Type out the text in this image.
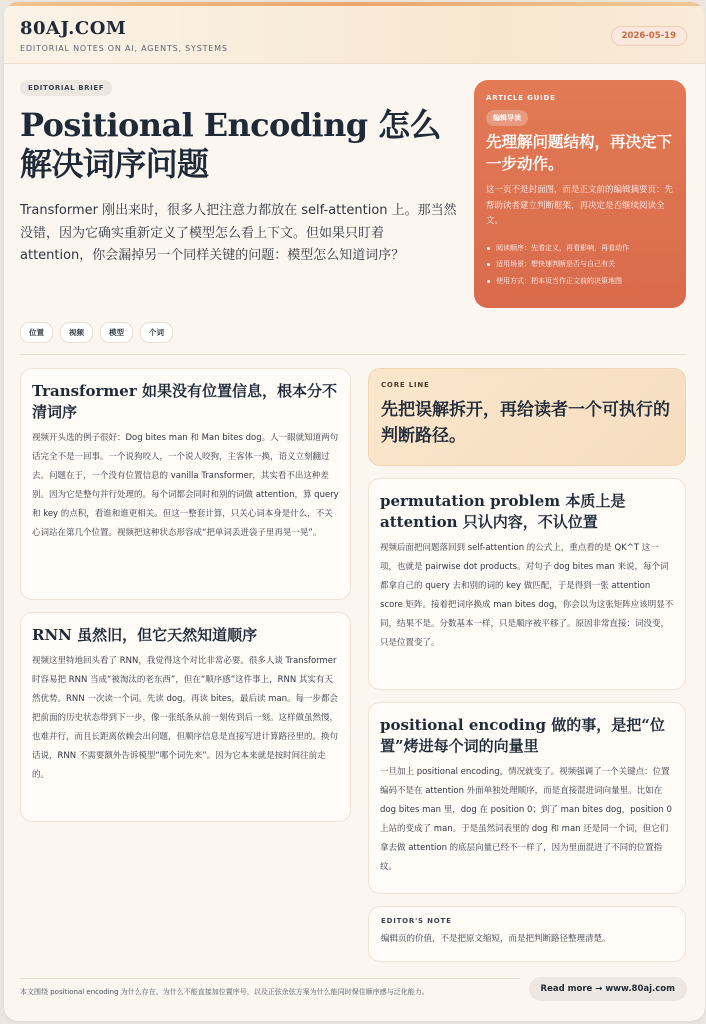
80AJ.COM
EDITORIAL NOTES ON AI, AGENTS, SYSTEMS
2026-05-19
EDITORIAL BRIEF
Positional Encoding 怎么解决词序问题

Transformer 刚出来时，很多人把注意力都放在 self-attention 上。那当然没错，因为它确实重新定义了模型怎么看上下文。但如果只盯着 attention，你会漏掉另一个同样关键的问题：模型怎么知道词序？

位置	视频	模型	个词
ARTICLE GUIDE
编辑导读
先理解问题结构，再决定下一步动作。
这一页不是封面图，而是正文前的编辑摘要页：先帮助读者建立判断框架，再决定是否继续阅读全文。
阅读顺序：先看定义，再看影响，再看动作
适用场景：想快速判断是否与自己有关
使用方式：把本页当作正文前的决策地图
Transformer 如果没有位置信息，根本分不清词序

视频开头选的例子很好：Dog bites man 和 Man bites dog。人一眼就知道两句话完全不是一回事。一个说狗咬人，一个说人咬狗，主客体一换，语义立刻翻过去。问题在于，一个没有位置信息的 vanilla Transformer，其实看不出这种差别。因为它是整句并行处理的。每个词都会同时和别的词做 attention，算 query 和 key 的点积，看谁和谁更相关。但这一整套计算，只关心词本身是什么，不关心词站在第几个位置。视频把这种状态形容成“把单词丢进袋子里再晃一晃”。

RNN 虽然旧，但它天然知道顺序

视频这里特地回头看了 RNN，我觉得这个对比非常必要。很多人谈 Transformer 时容易把 RNN 当成“被淘汰的老东西”，但在“顺序感”这件事上，RNN 其实有天然优势。RNN 一次读一个词。先读 dog，再读 bites，最后读 man。每一步都会把前面的历史状态带到下一步，像一张纸条从前一刻传到后一刻。这样做虽然慢，也难并行，而且长距离依赖会出问题，但顺序信息是直接写进计算路径里的。换句话说，RNN 不需要额外告诉模型“哪个词先来”。因为它本来就是按时间往前走的。

CORE LINE
先把误解拆开，再给读者一个可执行的判断路径。
permutation problem 本质上是 attention 只认内容，不认位置

视频后面把问题落回到 self-attention 的公式上，重点看的是 QK^T 这一项，也就是 pairwise dot products。对句子 dog bites man 来说，每个词都拿自己的 query 去和别的词的 key 做匹配，于是得到一张 attention score 矩阵。接着把词序换成 man bites dog，你会以为这张矩阵应该明显不同，结果不是。分数基本一样，只是顺序被平移了。原因非常直接：词没变，只是位置变了。

positional encoding 做的事，是把“位置”烤进每个词的向量里

一旦加上 positional encoding，情况就变了。视频强调了一个关键点：位置编码不是在 attention 外面单独处理顺序，而是直接混进词向量里。比如在 dog bites man 里，dog 在 position 0；到了 man bites dog，position 0 上站的变成了 man。于是虽然词表里的 dog 和 man 还是同一个词，但它们拿去做 attention 的底层向量已经不一样了，因为里面混进了不同的位置指纹。

EDITOR'S NOTE
编辑页的价值，不是把原文缩短，而是把判断路径整理清楚。
本文围绕 positional encoding 为什么存在、为什么不能直接加位置序号，以及正弦余弦方案为什么能同时保住顺序感与泛化能力。	Read more → www.80aj.com
